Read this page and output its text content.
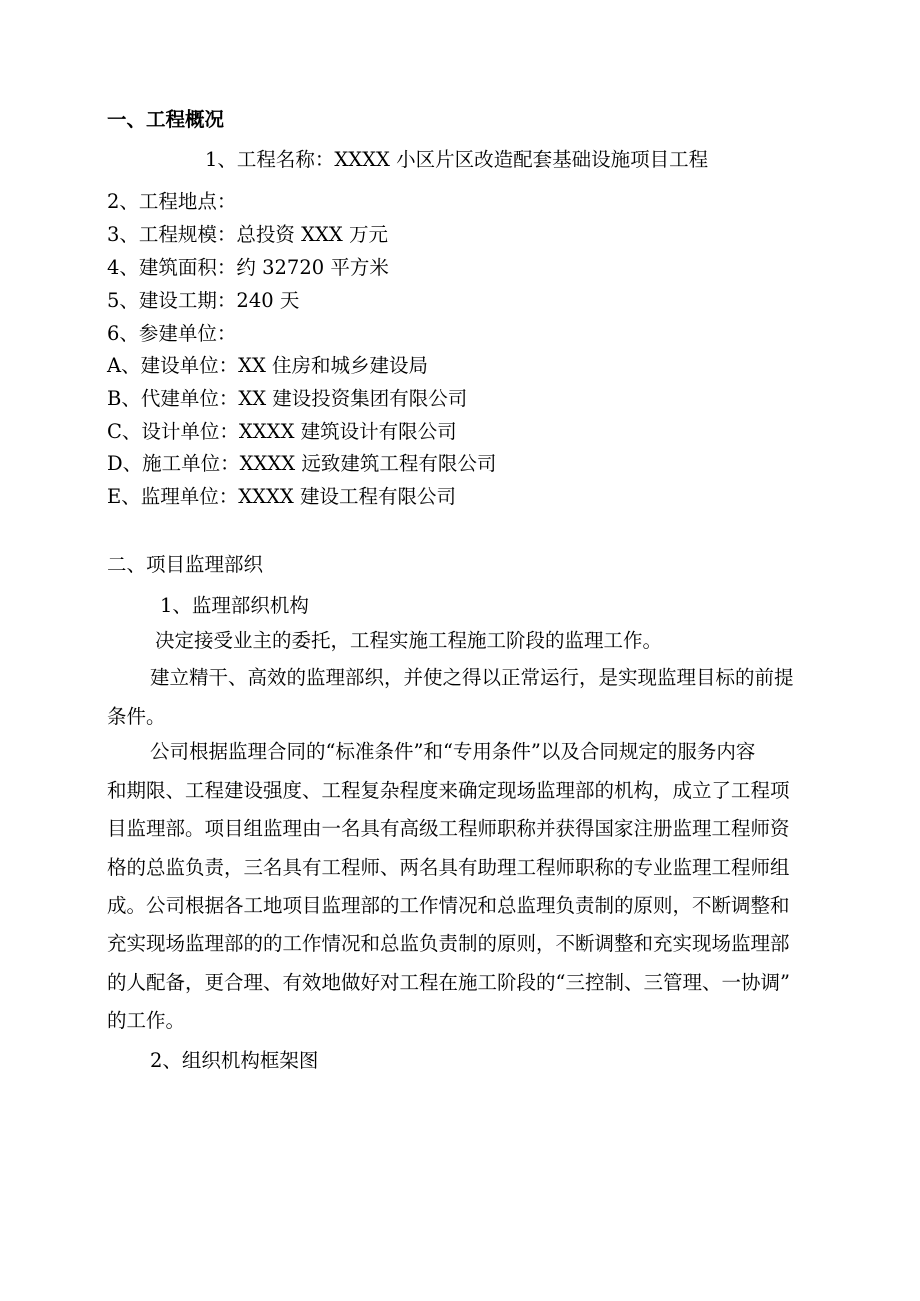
一、工程概况
1、工程名称：XXXX 小区片区改造配套基础设施项目工程
2、工程地点：
3、工程规模：总投资 XXX 万元
4、建筑面积：约 32720 平方米
5、建设工期：240 天
6、参建单位：
A、建设单位：XX 住房和城乡建设局
B、代建单位：XX 建设投资集团有限公司
C、设计单位：XXXX 建筑设计有限公司
D、施工单位：XXXX 远致建筑工程有限公司
E、监理单位：XXXX 建设工程有限公司
二、项目监理部织
1、监理部织机构
决定接受业主的委托，工程实施工程施工阶段的监理工作。
建立精干、高效的监理部织，并使之得以正常运行，是实现监理目标的前提
条件。
公司根据监理合同的“标准条件”和“专用条件”以及合同规定的服务内容
和期限、工程建设强度、工程复杂程度来确定现场监理部的机构，成立了工程项
目监理部。项目组监理由一名具有高级工程师职称并获得国家注册监理工程师资
格的总监负责，三名具有工程师、两名具有助理工程师职称的专业监理工程师组
成。公司根据各工地项目监理部的工作情况和总监理负责制的原则，不断调整和
充实现场监理部的的工作情况和总监负责制的原则，不断调整和充实现场监理部
的人配备，更合理、有效地做好对工程在施工阶段的“三控制、三管理、一协调”
的工作。
2、组织机构框架图
